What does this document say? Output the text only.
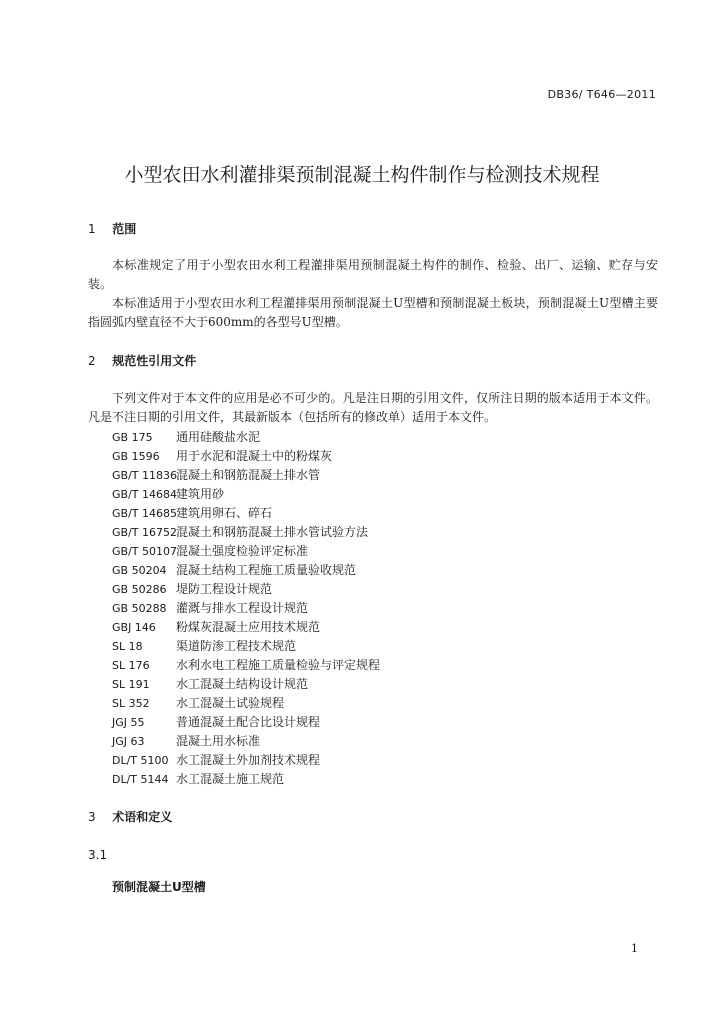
DB36/ T646—2011
小型农田水利灌排渠预制混凝土构件制作与检测技术规程
1 范围

本标准规定了用于小型农田水利工程灌排渠用预制混凝土构件的制作、检验、出厂、运输、贮存与安装。

本标准适用于小型农田水利工程灌排渠用预制混凝土U型槽和预制混凝土板块，预制混凝土U型槽主要指圆弧内壁直径不大于600mm的各型号U型槽。

2 规范性引用文件

下列文件对于本文件的应用是必不可少的。凡是注日期的引用文件，仅所注日期的版本适用于本文件。凡是不注日期的引用文件，其最新版本（包括所有的修改单）适用于本文件。

GB 175 通用硅酸盐水泥
GB 1596 用于水泥和混凝土中的粉煤灰
GB/T 11836混凝土和钢筋混凝土排水管
GB/T 14684建筑用砂
GB/T 14685建筑用卵石、碎石
GB/T 16752混凝土和钢筋混凝土排水管试验方法
GB/T 50107混凝土强度检验评定标准
GB 50204 混凝土结构工程施工质量验收规范
GB 50286 堤防工程设计规范
GB 50288 灌溉与排水工程设计规范
GBJ 146 粉煤灰混凝土应用技术规范
SL 18	渠道防渗工程技术规范
SL 176 水利水电工程施工质量检验与评定规程
SL 191 水工混凝土结构设计规范
SL 352 水工混凝土试验规程
JGJ 55	普通混凝土配合比设计规程
JGJ 63	混凝土用水标准
DL/T 5100 水工混凝土外加剂技术规程
DL/T 5144 水工混凝土施工规范
3 术语和定义
3.1
预制混凝土U型槽
1
